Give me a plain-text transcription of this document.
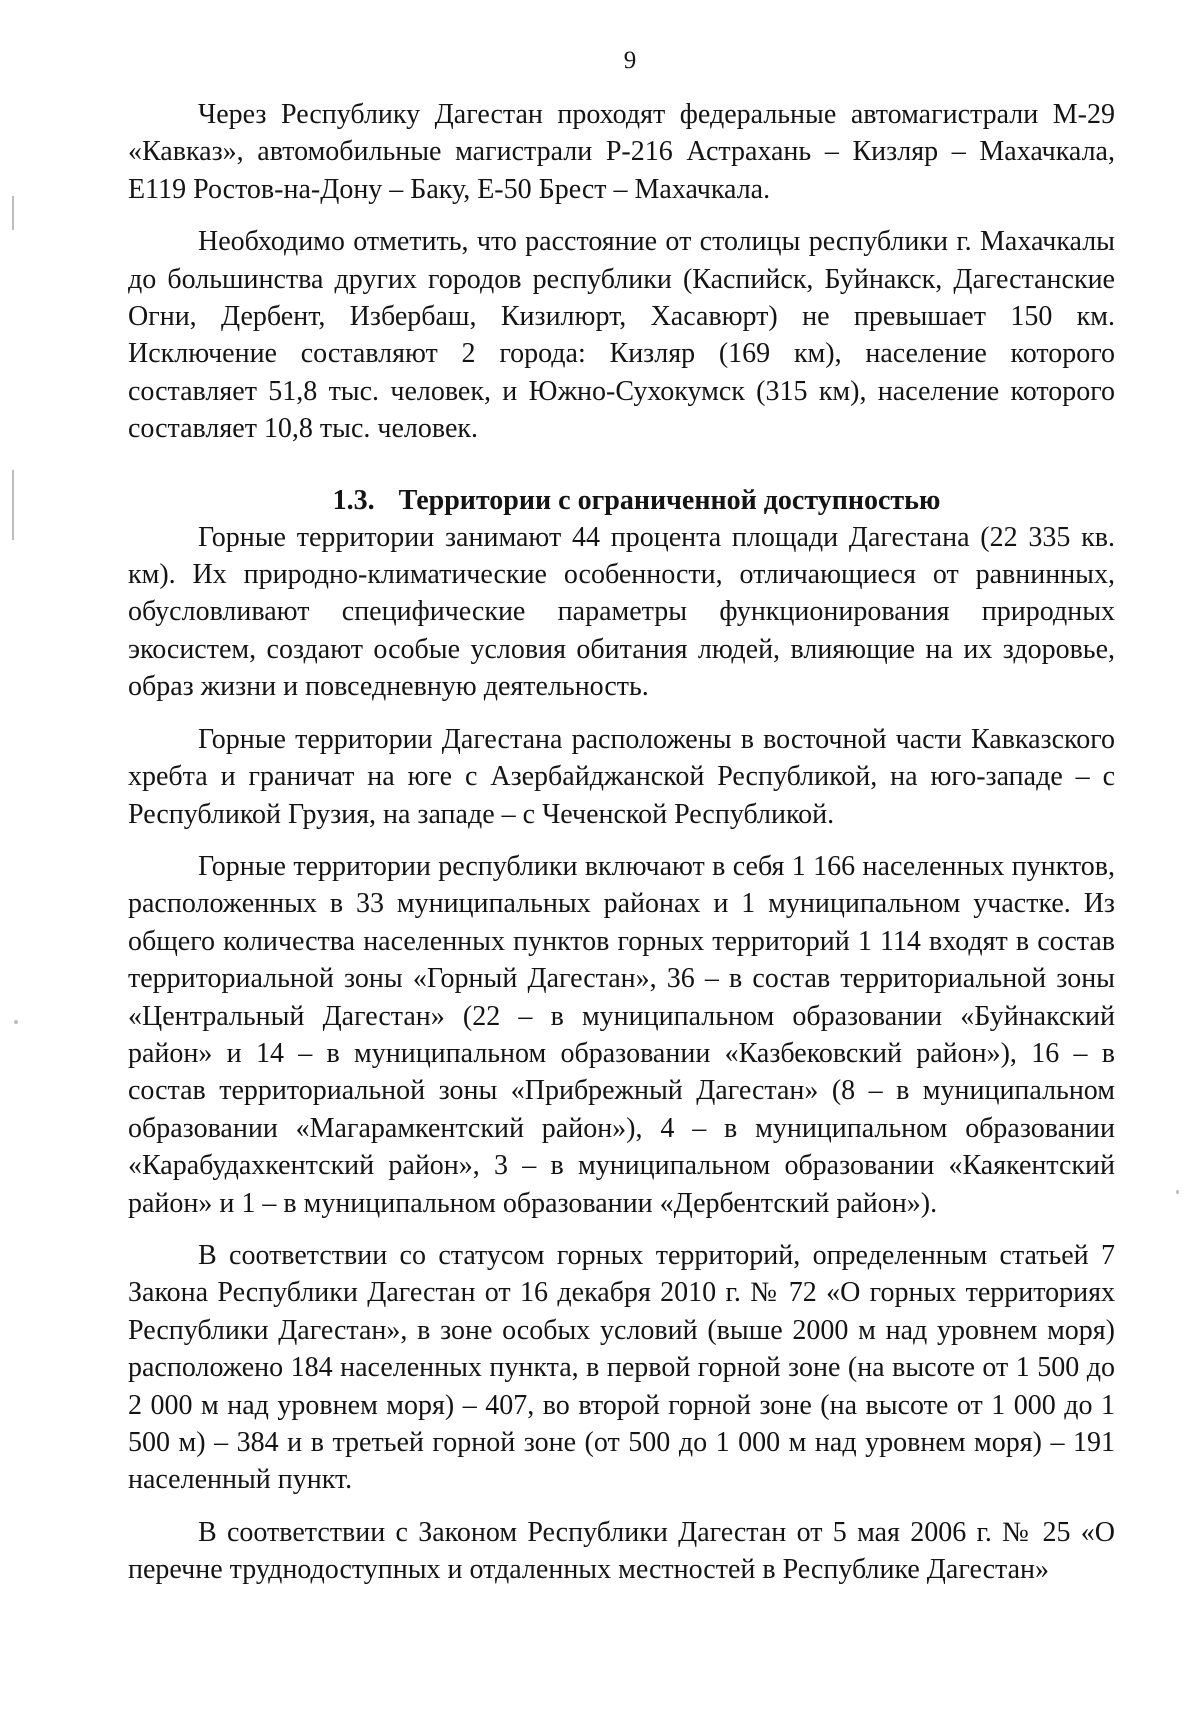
9

Через Республику Дагестан проходят федеральные автомагистрали М-29 «Кавказ», автомобильные магистрали Р-216 Астрахань – Кизляр – Махачкала, Е119 Ростов-на-Дону – Баку, Е-50 Брест – Махачкала.

Необходимо отметить, что расстояние от столицы республики г. Махачкалы до большинства других городов республики (Каспийск, Буйнакск, Дагестанские Огни, Дербент, Избербаш, Кизилюрт, Хасавюрт) не превышает 150 км. Исключение составляют 2 города: Кизляр (169 км), население которого составляет 51,8 тыс. человек, и Южно-Сухокумск (315 км), население которого составляет 10,8 тыс. человек.

1.3. Территории с ограниченной доступностью

Горные территории занимают 44 процента площади Дагестана (22 335 кв. км). Их природно-климатические особенности, отличающиеся от равнинных, обусловливают специфические параметры функционирования природных экосистем, создают особые условия обитания людей, влияющие на их здоровье, образ жизни и повседневную деятельность.

Горные территории Дагестана расположены в восточной части Кавказского хребта и граничат на юге с Азербайджанской Республикой, на юго-западе – с Республикой Грузия, на западе – с Чеченской Республикой.

Горные территории республики включают в себя 1 166 населенных пунктов, расположенных в 33 муниципальных районах и 1 муниципальном участке. Из общего количества населенных пунктов горных территорий 1 114 входят в состав территориальной зоны «Горный Дагестан», 36 – в состав территориальной зоны «Центральный Дагестан» (22 – в муниципальном образовании «Буйнакский район» и 14 – в муниципальном образовании «Казбековский район»), 16 – в состав территориальной зоны «Прибрежный Дагестан» (8 – в муниципальном образовании «Магарамкентский район»), 4 – в муниципальном образовании «Карабудахкентский район», 3 – в муниципальном образовании «Каякентский район» и 1 – в муниципальном образовании «Дербентский район»).

В соответствии со статусом горных территорий, определенным статьей 7 Закона Республики Дагестан от 16 декабря 2010 г. № 72 «О горных территориях Республики Дагестан», в зоне особых условий (выше 2000 м над уровнем моря) расположено 184 населенных пункта, в первой горной зоне (на высоте от 1 500 до 2 000 м над уровнем моря) – 407, во второй горной зоне (на высоте от 1 000 до 1 500 м) – 384 и в третьей горной зоне (от 500 до 1 000 м над уровнем моря) – 191 населенный пункт.

В соответствии с Законом Республики Дагестан от 5 мая 2006 г. № 25 «О перечне труднодоступных и отдаленных местностей в Республике Дагестан»
